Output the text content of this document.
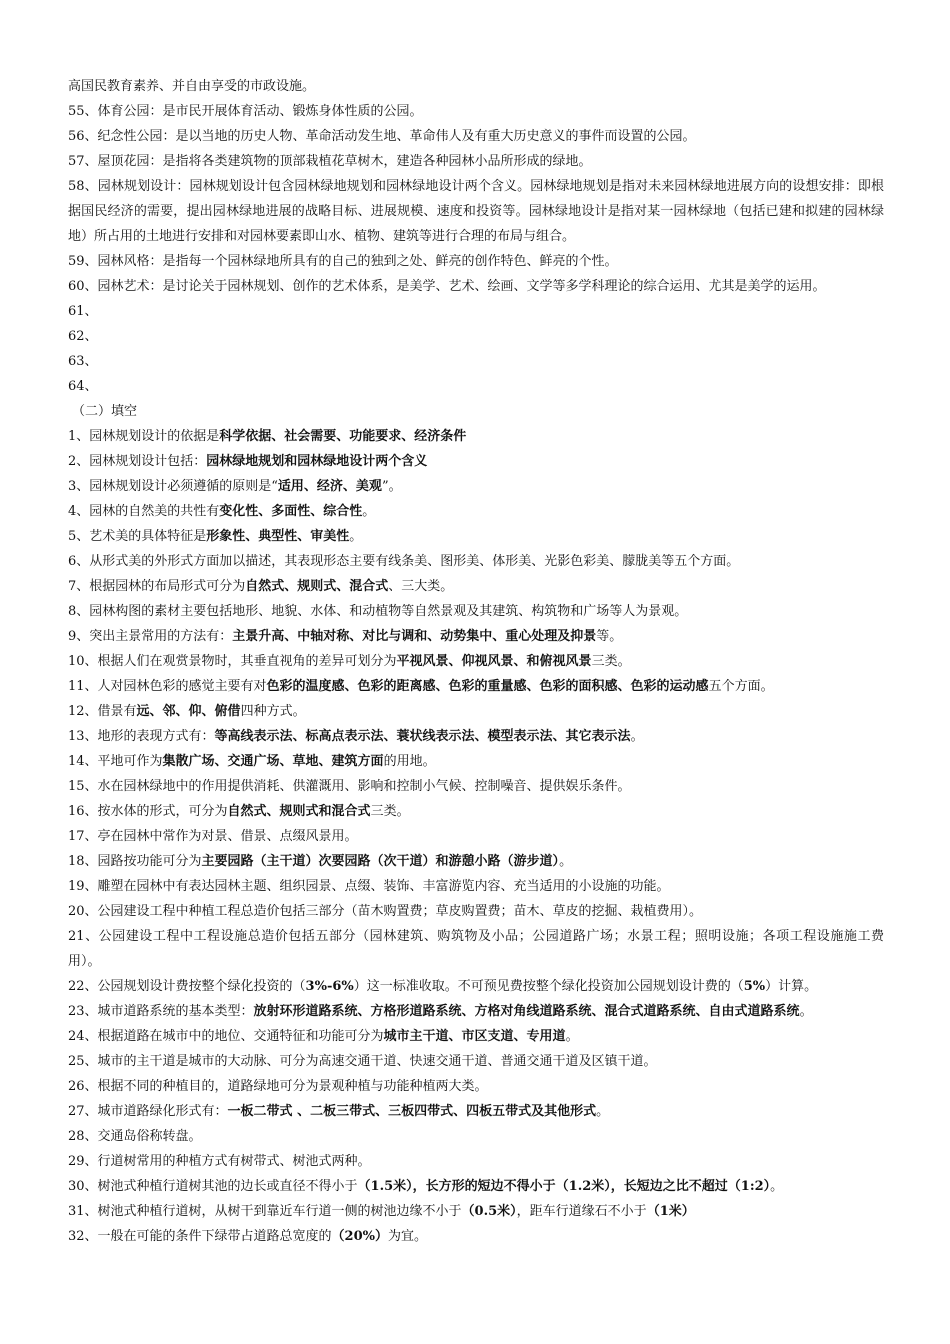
高国民教育素养、并自由享受的市政设施。
55、体育公园：是市民开展体育活动、锻炼身体性质的公园。
56、纪念性公园：是以当地的历史人物、革命活动发生地、革命伟人及有重大历史意义的事件而设置的公园。
57、屋顶花园：是指将各类建筑物的顶部栽植花草树木，建造各种园林小品所形成的绿地。
58、园林规划设计：园林规划设计包含园林绿地规划和园林绿地设计两个含义。园林绿地规划是指对未来园林绿地进展方向的设想安排：即根据国民经济的需要，提出园林绿地进展的战略目标、进展规模、速度和投资等。园林绿地设计是指对某一园林绿地（包括已建和拟建的园林绿地）所占用的土地进行安排和对园林要素即山水、植物、建筑等进行合理的布局与组合。
59、园林风格：是指每一个园林绿地所具有的自己的独到之处、鲜亮的创作特色、鲜亮的个性。
60、园林艺术：是讨论关于园林规划、创作的艺术体系，是美学、艺术、绘画、文学等多学科理论的综合运用、尤其是美学的运用。
61、
62、
63、
64、
（二）填空
1、园林规划设计的依据是科学依据、社会需要、功能要求、经济条件
2、园林规划设计包括：园林绿地规划和园林绿地设计两个含义
3、园林规划设计必须遵循的原则是“适用、经济、美观”。
4、园林的自然美的共性有变化性、多面性、综合性。
5、艺术美的具体特征是形象性、典型性、审美性。
6、从形式美的外形式方面加以描述，其表现形态主要有线条美、图形美、体形美、光影色彩美、朦胧美等五个方面。
7、根据园林的布局形式可分为自然式、规则式、混合式、三大类。
8、园林构图的素材主要包括地形、地貌、水体、和动植物等自然景观及其建筑、构筑物和广场等人为景观。
9、突出主景常用的方法有：主景升高、中轴对称、对比与调和、动势集中、重心处理及抑景等。
10、根据人们在观赏景物时，其垂直视角的差异可划分为平视风景、仰视风景、和俯视风景三类。
11、人对园林色彩的感觉主要有对色彩的温度感、色彩的距离感、色彩的重量感、色彩的面积感、色彩的运动感五个方面。
12、借景有远、邻、仰、俯借四种方式。
13、地形的表现方式有：等高线表示法、标高点表示法、蓑状线表示法、模型表示法、其它表示法。
14、平地可作为集散广场、交通广场、草地、建筑方面的用地。
15、水在园林绿地中的作用提供消耗、供灌溉用、影响和控制小气候、控制噪音、提供娱乐条件。
16、按水体的形式，可分为自然式、规则式和混合式三类。
17、亭在园林中常作为对景、借景、点缀风景用。
18、园路按功能可分为主要园路（主干道）次要园路（次干道）和游憩小路（游步道）。
19、雕塑在园林中有表达园林主题、组织园景、点缀、装饰、丰富游览内容、充当适用的小设施的功能。
20、公园建设工程中种植工程总造价包括三部分（苗木购置费；草皮购置费；苗木、草皮的挖掘、栽植费用）。
21、公园建设工程中工程设施总造价包括五部分（园林建筑、购筑物及小品；公园道路广场；水景工程；照明设施；各项工程设施施工费用）。
22、公园规划设计费按整个绿化投资的（3%-6%）这一标准收取。不可预见费按整个绿化投资加公园规划设计费的（5%）计算。
23、城市道路系统的基本类型：放射环形道路系统、方格形道路系统、方格对角线道路系统、混合式道路系统、自由式道路系统。
24、根据道路在城市中的地位、交通特征和功能可分为城市主干道、市区支道、专用道。
25、城市的主干道是城市的大动脉、可分为高速交通干道、快速交通干道、普通交通干道及区镇干道。
26、根据不同的种植目的，道路绿地可分为景观种植与功能种植两大类。
27、城市道路绿化形式有：一板二带式 、二板三带式、三板四带式、四板五带式及其他形式。
28、交通岛俗称转盘。
29、行道树常用的种植方式有树带式、树池式两种。
30、树池式种植行道树其池的边长或直径不得小于（1.5米），长方形的短边不得小于（1.2米），长短边之比不超过（1:2）。
31、树池式种植行道树，从树干到靠近车行道一侧的树池边缘不小于（0.5米），距车行道缘石不小于（1米）
32、一般在可能的条件下绿带占道路总宽度的（20%）为宜。
